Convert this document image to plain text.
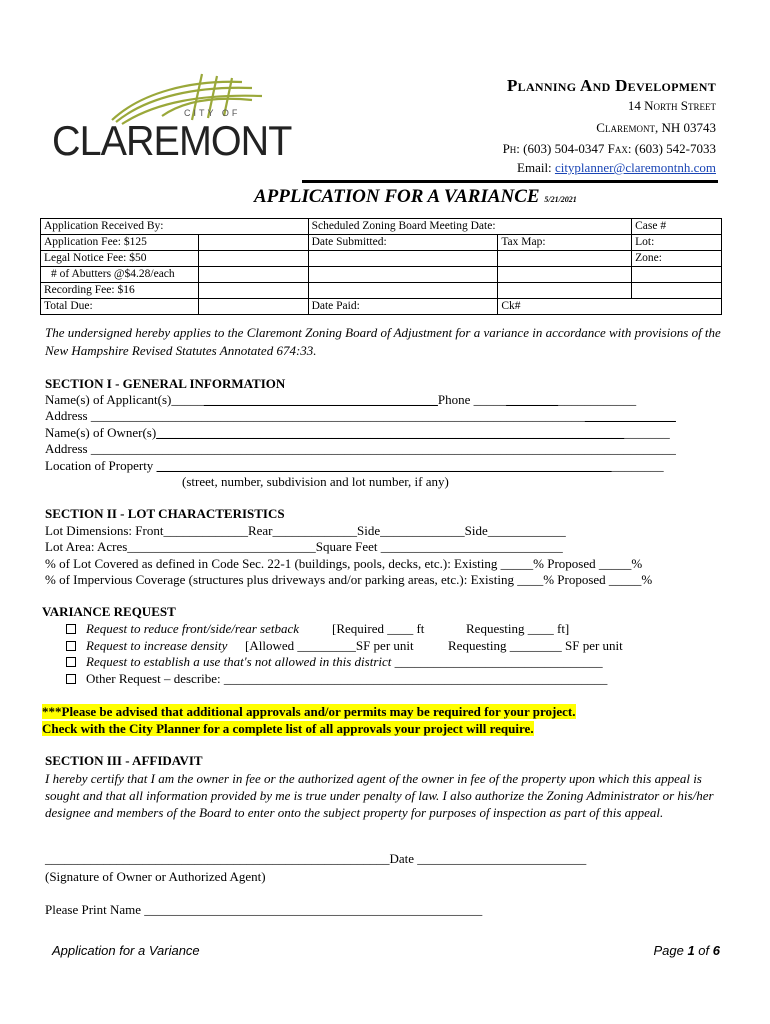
CITY OF
CLAREMONT
Planning And Development
14 North Street
Claremont, NH 03743
Ph: (603) 504-0347 Fax: (603) 542-7033
Email: cityplanner@claremontnh.com
APPLICATION FOR A VARIANCE 5/21/2021
Application Received By:		Scheduled Zoning Board Meeting Date:		Case #
Application Fee: $125		Date Submitted:	Tax Map:	Lot:
Legal Notice Fee: $50				Zone:
# of Abutters @$4.28/each				
Recording Fee: $16				
Total Due:		Date Paid:	Ck#	
The undersigned hereby applies to the Claremont Zoning Board of Adjustment for a variance in accordance with provisions of the New Hampshire Revised Statutes Annotated 674:33.
SECTION I - GENERAL INFORMATION
Name(s) of Applicant(s)_________________________________________Phone _________________________
Address __________________________________________________________________________________________
Name(s) of Owner(s)_______________________________________________________________________________
Address __________________________________________________________________________________________
Location of Property ______________________________________________________________________________
(street, number, subdivision and lot number, if any)
SECTION II - LOT CHARACTERISTICS
Lot Dimensions: Front_____________Rear_____________Side_____________Side____________
Lot Area: Acres_____________________________Square Feet ____________________________
% of Lot Covered as defined in Code Sec. 22-1 (buildings, pools, decks, etc.): Existing _____% Proposed _____%
% of Impervious Coverage (structures plus driveways and/or parking areas, etc.): Existing ____% Proposed _____%
VARIANCE REQUEST
Request to reduce front/side/rear setback	[Required ____ ft	Requesting ____ ft]
Request to increase density [Allowed _________SF per unit	Requesting ________ SF per unit
Request to establish a use that's not allowed in this district ________________________________
Other Request – describe: ___________________________________________________________
***Please be advised that additional approvals and/or permits may be required for your project.
Check with the City Planner for a complete list of all approvals your project will require.
SECTION III - AFFIDAVIT
I hereby certify that I am the owner in fee or the authorized agent of the owner in fee of the property upon which this appeal is sought and that all information provided by me is true under penalty of law. I also authorize the Zoning Administrator or his/her designee and members of the Board to enter onto the subject property for purposes of inspection as part of this appeal.
_____________________________________________________Date __________________________
(Signature of Owner or Authorized Agent)
Please Print Name ____________________________________________________
Application for a Variance	Page 1 of 6
